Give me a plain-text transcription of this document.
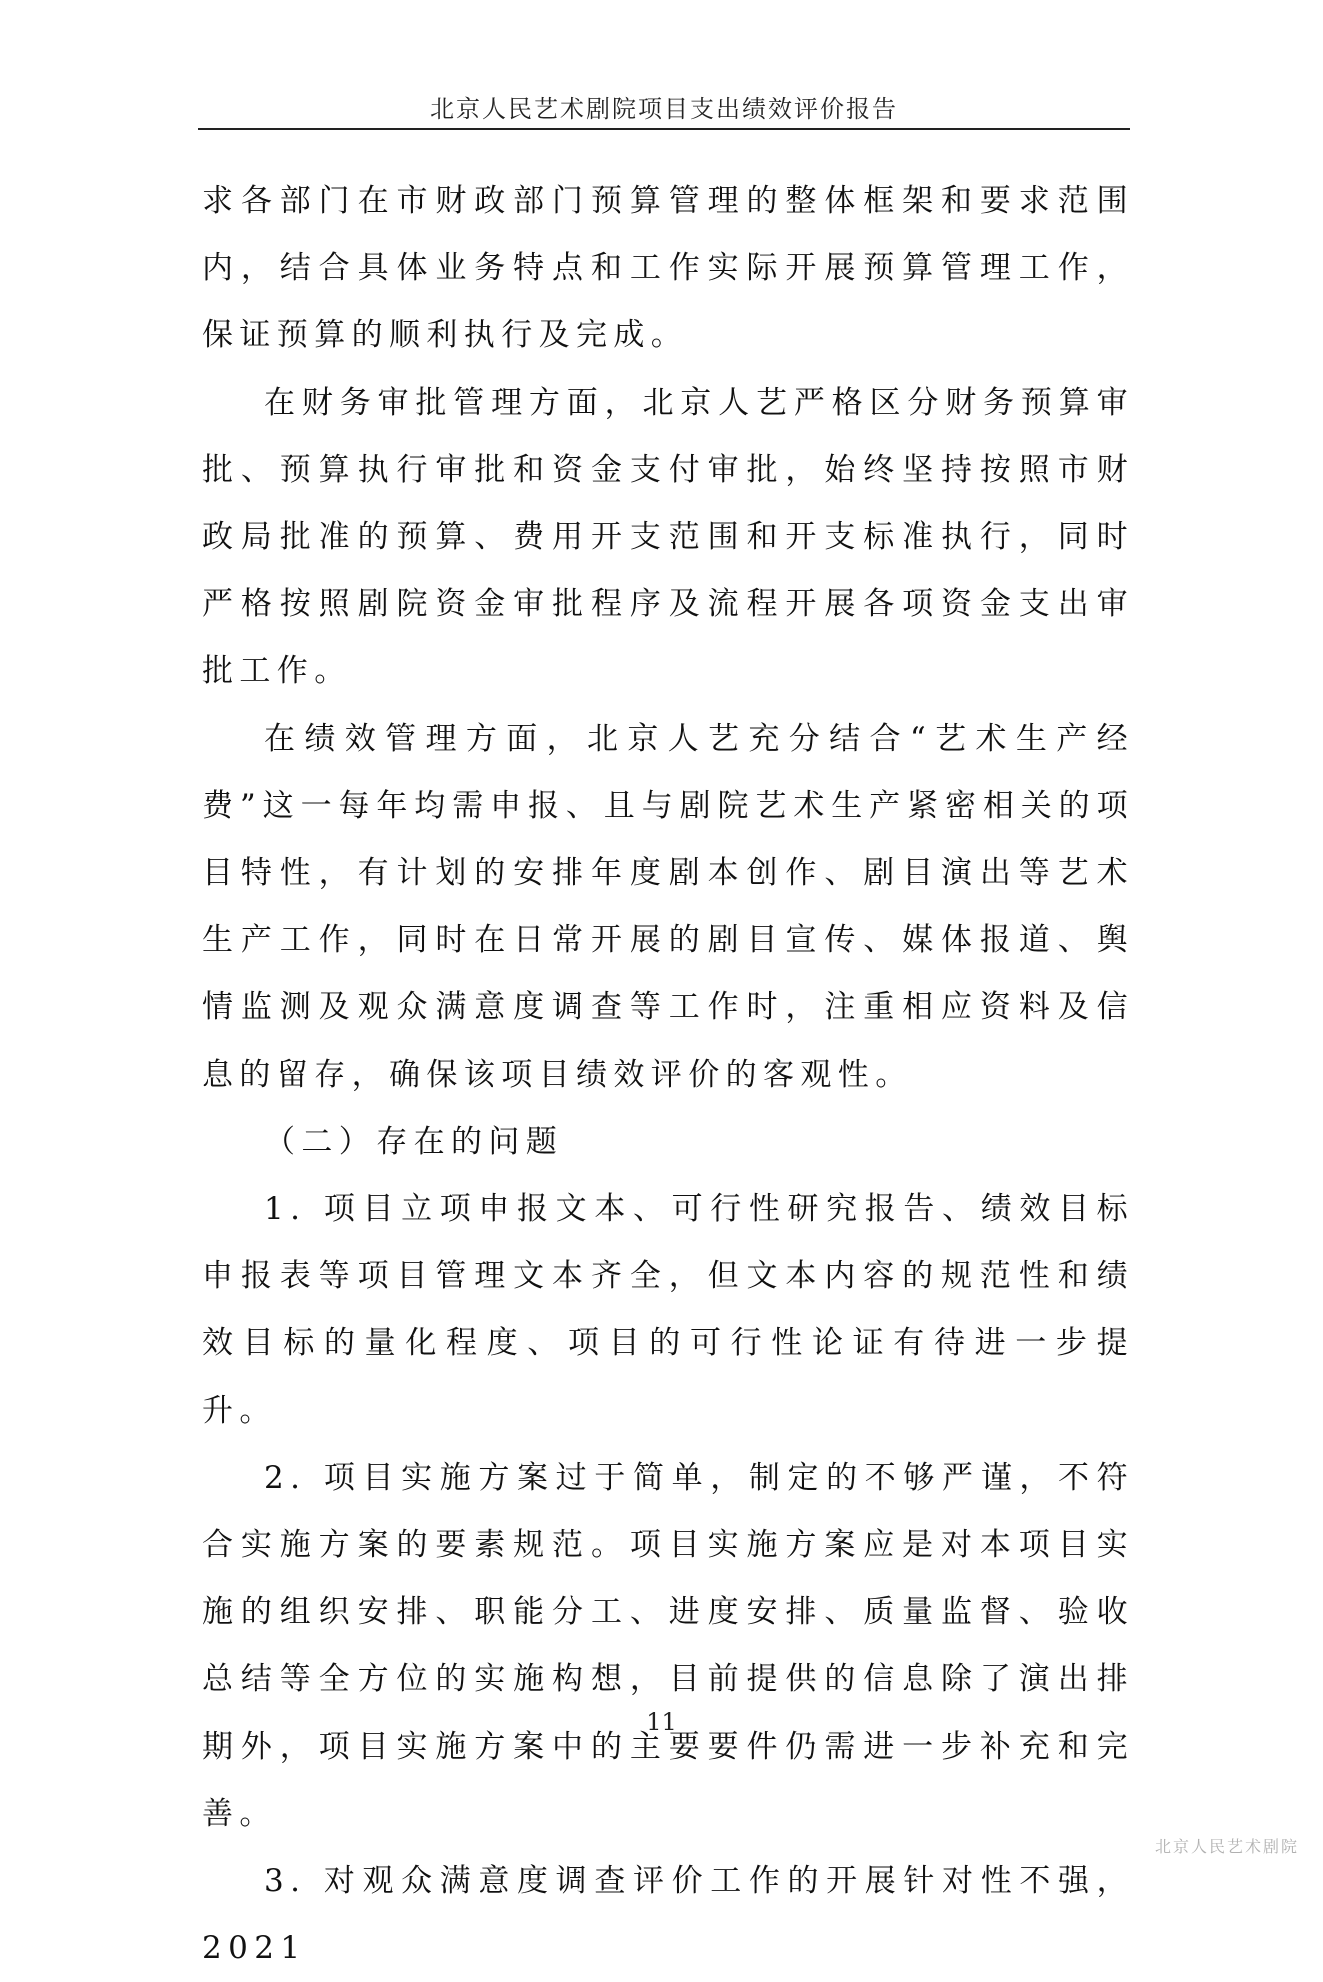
北京人民艺术剧院项目支出绩效评价报告

求各部门在市财政部门预算管理的整体框架和要求范围内，结合具体业务特点和工作实际开展预算管理工作，保证预算的顺利执行及完成。

在财务审批管理方面，北京人艺严格区分财务预算审批、预算执行审批和资金支付审批，始终坚持按照市财政局批准的预算、费用开支范围和开支标准执行，同时严格按照剧院资金审批程序及流程开展各项资金支出审批工作。

在绩效管理方面，北京人艺充分结合“艺术生产经费”这一每年均需申报、且与剧院艺术生产紧密相关的项目特性，有计划的安排年度剧本创作、剧目演出等艺术生产工作，同时在日常开展的剧目宣传、媒体报道、舆情监测及观众满意度调查等工作时，注重相应资料及信息的留存，确保该项目绩效评价的客观性。

（二）存在的问题

1. 项目立项申报文本、可行性研究报告、绩效目标申报表等项目管理文本齐全，但文本内容的规范性和绩效目标的量化程度、项目的可行性论证有待进一步提升。

2. 项目实施方案过于简单，制定的不够严谨，不符合实施方案的要素规范。项目实施方案应是对本项目实施的组织安排、职能分工、进度安排、质量监督、验收总结等全方位的实施构想，目前提供的信息除了演出排期外，项目实施方案中的主要要件仍需进一步补充和完善。

3. 对观众满意度调查评价工作的开展针对性不强，2021

11
北京人民艺术剧院
